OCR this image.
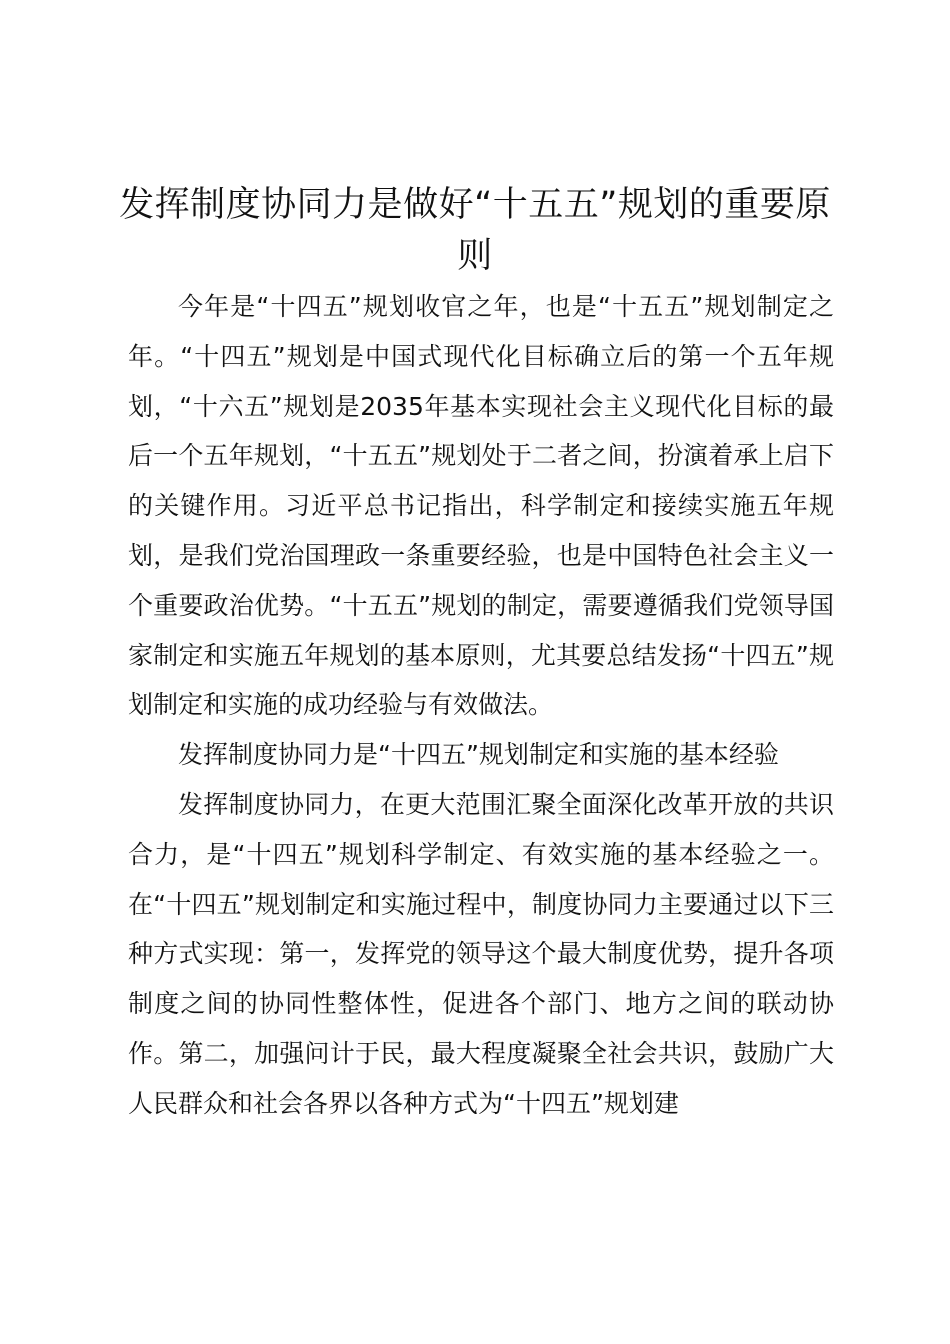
发挥制度协同力是做好“十五五”规划的重要原则

今年是“十四五”规划收官之年，也是“十五五”规划制定之年。“十四五”规划是中国式现代化目标确立后的第一个五年规划，“十六五”规划是2035年基本实现社会主义现代化目标的最后一个五年规划，“十五五”规划处于二者之间，扮演着承上启下的关键作用。习近平总书记指出，科学制定和接续实施五年规划，是我们党治国理政一条重要经验，也是中国特色社会主义一个重要政治优势。“十五五”规划的制定，需要遵循我们党领导国家制定和实施五年规划的基本原则，尤其要总结发扬“十四五”规划制定和实施的成功经验与有效做法。

发挥制度协同力是“十四五”规划制定和实施的基本经验

发挥制度协同力，在更大范围汇聚全面深化改革开放的共识合力，是“十四五”规划科学制定、有效实施的基本经验之一。在“十四五”规划制定和实施过程中，制度协同力主要通过以下三种方式实现：第一，发挥党的领导这个最大制度优势，提升各项制度之间的协同性整体性，促进各个部门、地方之间的联动协作。第二，加强问计于民，最大程度凝聚全社会共识，鼓励广大人民群众和社会各界以各种方式为“十四五”规划建
